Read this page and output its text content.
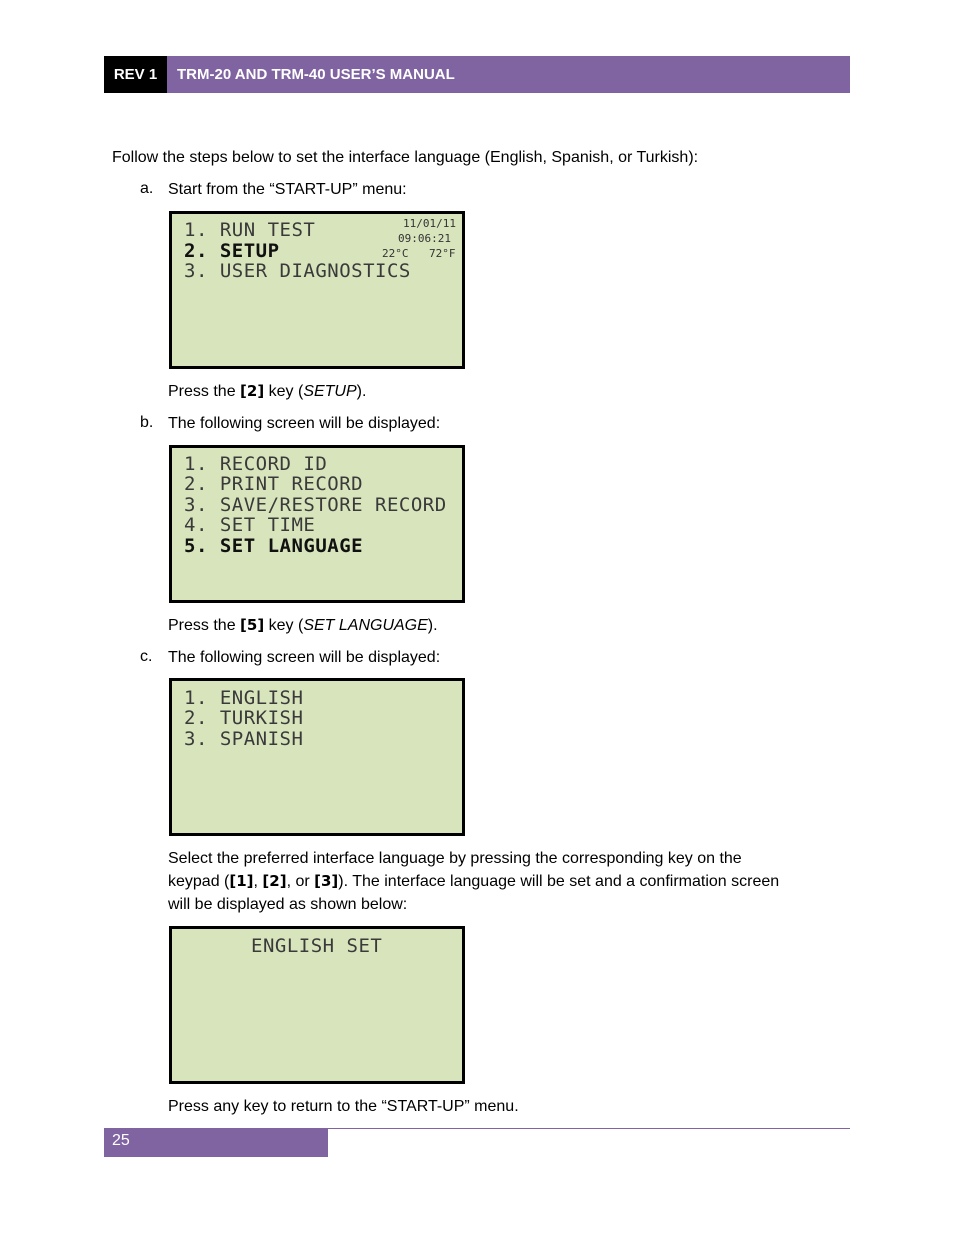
REV 1	TRM-20 AND TRM-40 USER’S MANUAL
Follow the steps below to set the interface language (English, Spanish, or Turkish):
a. Start from the “START-UP” menu:
1. RUN TEST
2. SETUP
3. USER DIAGNOSTICS
11/01/11
09:06:21
22°C 72°F
Press the [2] key (SETUP).
b. The following screen will be displayed:
1. RECORD ID
2. PRINT RECORD
3. SAVE/RESTORE RECORD
4. SET TIME
5. SET LANGUAGE
Press the [5] key (SET LANGUAGE).
c. The following screen will be displayed:
1. ENGLISH
2. TURKISH
3. SPANISH
Select the preferred interface language by pressing the corresponding key on the
keypad ([1], [2], or [3]). The interface language will be set and a confirmation screen
will be displayed as shown below:
ENGLISH SET
Press any key to return to the “START-UP” menu.
25
